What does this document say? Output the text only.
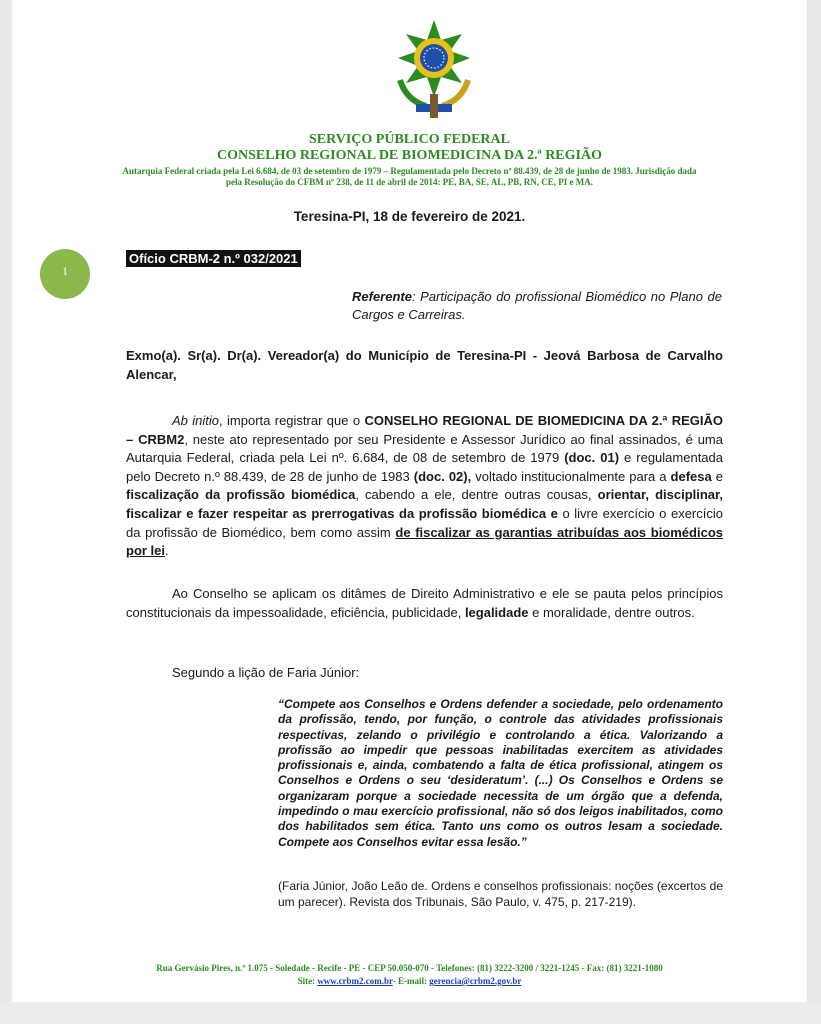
SERVIÇO PÚBLICO FEDERAL
CONSELHO REGIONAL DE BIOMEDICINA DA 2.ª REGIÃO
Autarquia Federal criada pela Lei 6.684, de 03 de setembro de 1979 – Regulamentada pelo Decreto nº 88.439, de 28 de junho de 1983. Jurisdição dada pela Resolução do CFBM nº 238, de 11 de abril de 2014: PE, BA, SE, AL, PB, RN, CE, PI e MA.
Teresina-PI, 18 de fevereiro de 2021.
1
Ofício CRBM-2 n.º 032/2021
Referente: Participação do profissional Biomédico no Plano de Cargos e Carreiras.
Exmo(a). Sr(a). Dr(a). Vereador(a) do Município de Teresina-PI - Jeová Barbosa de Carvalho Alencar,
Ab initio, importa registrar que o CONSELHO REGIONAL DE BIOMEDICINA DA 2.ª REGIÃO – CRBM2, neste ato representado por seu Presidente e Assessor Jurídico ao final assinados, é uma Autarquia Federal, criada pela Lei nº. 6.684, de 08 de setembro de 1979 (doc. 01) e regulamentada pelo Decreto n.º 88.439, de 28 de junho de 1983 (doc. 02), voltado institucionalmente para a defesa e fiscalização da profissão biomédica, cabendo a ele, dentre outras cousas, orientar, disciplinar, fiscalizar e fazer respeitar as prerrogativas da profissão biomédica e o livre exercício o exercício da profissão de Biomédico, bem como assim de fiscalizar as garantias atribuídas aos biomédicos por lei.
Ao Conselho se aplicam os ditâmes de Direito Administrativo e ele se pauta pelos princípios constitucionais da impessoalidade, eficiência, publicidade, legalidade e moralidade, dentre outros.
Segundo a lição de Faria Júnior:
“Compete aos Conselhos e Ordens defender a sociedade, pelo ordenamento da profissão, tendo, por função, o controle das atividades profissionais respectivas, zelando o privilégio e controlando a ética. Valorizando a profissão ao impedir que pessoas inabilitadas exercitem as atividades profissionais e, ainda, combatendo a falta de ética profissional, atingem os Conselhos e Ordens o seu ‘desideratum’. (...) Os Conselhos e Ordens se organizaram porque a sociedade necessita de um órgão que a defenda, impedindo o mau exercício profissional, não só dos leigos inabilitados, como dos habilitados sem ética. Tanto uns como os outros lesam a sociedade. Compete aos Conselhos evitar essa lesão.”
(Faria Júnior, João Leão de. Ordens e conselhos profissionais: noções (excertos de um parecer). Revista dos Tribunais, São Paulo, v. 475, p. 217-219).
Rua Gervásio Pires, n.º 1.075 - Soledade - Recife - PE - CEP 50.050-070 - Telefones: (81) 3222-3200 / 3221-1245 - Fax: (81) 3221-1080
Site: www.crbm2.com.br- E-mail: gerencia@crbm2.gov.br
